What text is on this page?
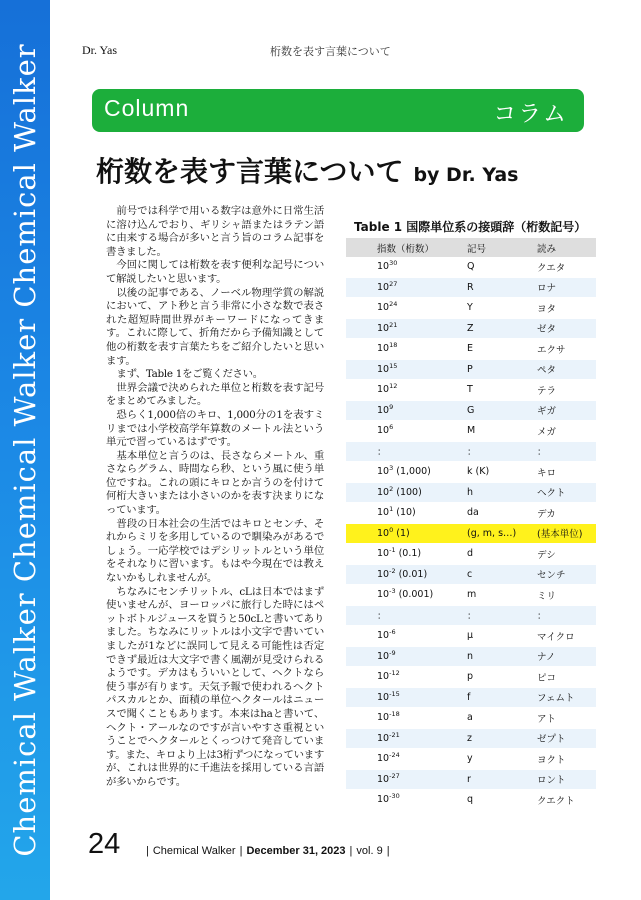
Chemical Walker Chemical Walker Chemical Walker	Dr. Yas	桁数を表す言葉について
Column	コラム
桁数を表す言葉について by Dr. Yas

前号では科学で用いる数字は意外に日常生活に溶け込んでおり、ギリシャ語またはラテン語に由来する場合が多いと言う旨のコラム記事を書きました。

今回に関しては桁数を表す便利な記号について解説したいと思います。

以後の記事である、ノーベル物理学賞の解説において、アト秒と言う非常に小さな数で表された超短時間世界がキーワードになってきます。これに際して、折角だから予備知識として他の桁数を表す言葉たちをご紹介したいと思います。

まず、Table 1をご覧ください。

世界会議で決められた単位と桁数を表す記号をまとめてみました。

恐らく1,000倍のキロ、1,000分の1を表すミリまでは小学校高学年算数のメートル法という単元で習っているはずです。

基本単位と言うのは、長さならメートル、重さならグラム、時間なら秒、という風に使う単位ですね。これの頭にキロとか言うのを付けて何桁大きいまたは小さいのかを表す決まりになっています。

普段の日本社会の生活ではキロとセンチ、それからミリを多用しているので馴染みがあるでしょう。一応学校ではデシリットルという単位をそれなりに習います。もはや今現在では教えないかもしれませんが。

ちなみにセンチリットル、cLは日本ではまず使いませんが、ヨーロッパに旅行した時にはペットボトルジュースを買うと50cLと書いてありました。ちなみにリットルは小文字で書いていましたが1などに誤同して見える可能性は否定できず最近は大文字で書く風潮が見受けられるようです。デカはもういいとして、ヘクトなら使う事が有ります。天気予報で使われるヘクトパスカルとか、面積の単位ヘクタールはニュースで聞くこともあります。本来はhaと書いて、ヘクト・アールなのですが言いやすさ重視ということでヘクタールとくっつけて発音しています。また、キロより上は3桁ずつになっていますが、これは世界的に千進法を採用している言語が多いからです。

Table 1 国際単位系の接頭辞（桁数記号）
指数（桁数）	記号	読み
$10^{30}$	Q	クエタ
$10^{27}$	R	ロナ
$10^{24}$	Y	ヨタ
$10^{21}$	Z	ゼタ
$10^{18}$	E	エクサ
$10^{15}$	P	ペタ
$10^{12}$	T	テラ
$10^9$	G	ギガ
$10^6$	M	メガ
：	：	：
$10^3$ (1,000)	k (K)	キロ
$10^2$ (100)	h	ヘクト
$10^1$ (10)	da	デカ
$10^0$ (1)	(g, m, s…)	(基本単位)
$10^{-1}$ (0.1)	d	デシ
$10^{-2}$ (0.01)	c	センチ
$10^{-3}$ (0.001)	m	ミリ
：	：	：
$10^{-6}$	μ	マイクロ
$10^{-9}$	n	ナノ
$10^{-12}$	p	ピコ
$10^{-15}$	f	フェムト
$10^{-18}$	a	アト
$10^{-21}$	z	ゼプト
$10^{-24}$	y	ヨクト
$10^{-27}$	r	ロント
$10^{-30}$	q	クエクト
24	| Chemical Walker | December 31, 2023 | vol. 9 |
